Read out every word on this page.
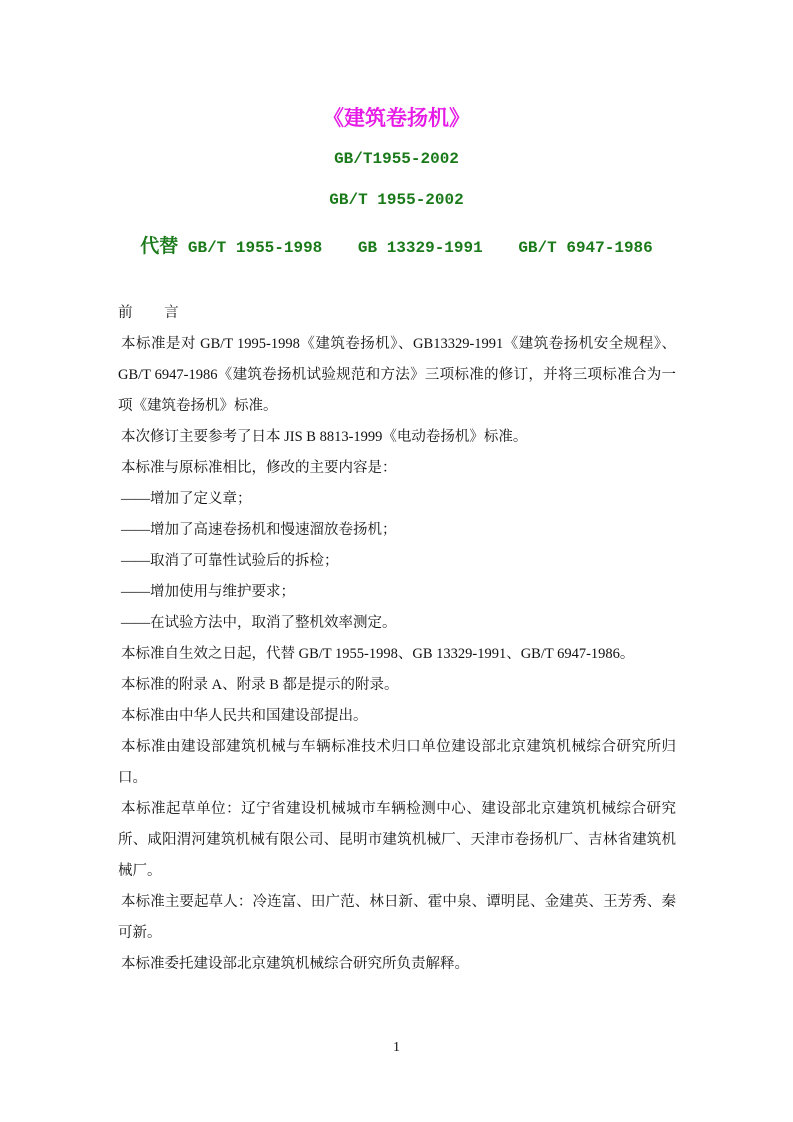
《建筑卷扬机》
GB/T1955-2002
GB/T 1955-2002
代替 GB/T 1955-1998 GB 13329-1991 GB/T 6947-1986

前 言

本标准是对 GB/T 1995-1998《建筑卷扬机》、GB13329-1991《建筑卷扬机安全规程》、GB/T 6947-1986《建筑卷扬机试验规范和方法》三项标准的修订，并将三项标准合为一项《建筑卷扬机》标准。

本次修订主要参考了日本 JIS B 8813-1999《电动卷扬机》标准。

本标准与原标准相比，修改的主要内容是：

——增加了定义章；

——增加了高速卷扬机和慢速溜放卷扬机；

——取消了可靠性试验后的拆检；

——增加使用与维护要求；

——在试验方法中，取消了整机效率测定。

本标准自生效之日起，代替 GB/T 1955-1998、GB 13329-1991、GB/T 6947-1986。

本标准的附录 A、附录 B 都是提示的附录。

本标准由中华人民共和国建设部提出。

本标准由建设部建筑机械与车辆标准技术归口单位建设部北京建筑机械综合研究所归口。

本标准起草单位：辽宁省建设机械城市车辆检测中心、建设部北京建筑机械综合研究所、咸阳渭河建筑机械有限公司、昆明市建筑机械厂、天津市卷扬机厂、吉林省建筑机械厂。

本标准主要起草人：冷连富、田广范、林日新、霍中泉、谭明昆、金建英、王芳秀、秦可新。

本标准委托建设部北京建筑机械综合研究所负责解释。

1
